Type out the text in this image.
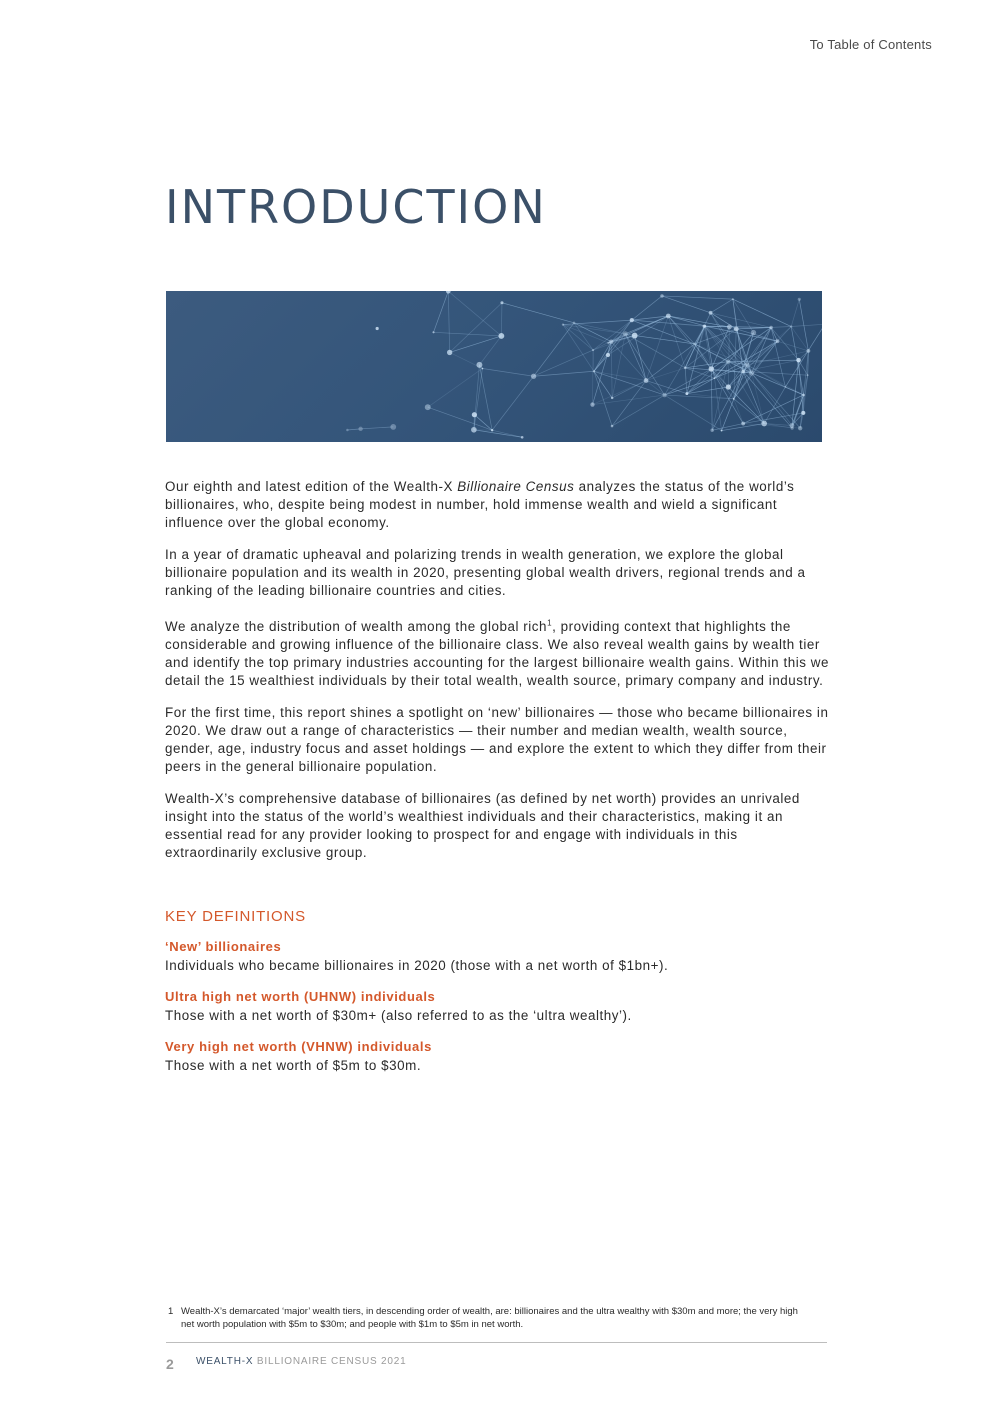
To Table of Contents
INTRODUCTION

Our eighth and latest edition of the Wealth-X Billionaire Census analyzes the status of the world’s billionaires, who, despite being modest in number, hold immense wealth and wield a significant influence over the global economy.

In a year of dramatic upheaval and polarizing trends in wealth generation, we explore the global billionaire population and its wealth in 2020, presenting global wealth drivers, regional trends and a ranking of the leading billionaire countries and cities.

We analyze the distribution of wealth among the global rich$^1$, providing context that highlights the considerable and growing influence of the billionaire class. We also reveal wealth gains by wealth tier and identify the top primary industries accounting for the largest billionaire wealth gains. Within this we detail the 15 wealthiest individuals by their total wealth, wealth source, primary company and industry.

For the first time, this report shines a spotlight on ‘new’ billionaires — those who became billionaires in 2020. We draw out a range of characteristics — their number and median wealth, wealth source, gender, age, industry focus and asset holdings — and explore the extent to which they differ from their peers in the general billionaire population.

Wealth-X’s comprehensive database of billionaires (as defined by net worth) provides an unrivaled insight into the status of the world’s wealthiest individuals and their characteristics, making it an essential read for any provider looking to prospect for and engage with individuals in this extraordinarily exclusive group.

KEY DEFINITIONS
‘New’ billionaires
Individuals who became billionaires in 2020 (those with a net worth of $1bn+).
Ultra high net worth (UHNW) individuals
Those with a net worth of $30m+ (also referred to as the ‘ultra wealthy’).
Very high net worth (VHNW) individuals
Those with a net worth of $5m to $30m.
1 Wealth-X’s demarcated ‘major’ wealth tiers, in descending order of wealth, are: billionaires and the ultra wealthy with $30m and more; the very high net worth population with $5m to $30m; and people with $1m to $5m in net worth.
2 WEALTH-X BILLIONAIRE CENSUS 2021
